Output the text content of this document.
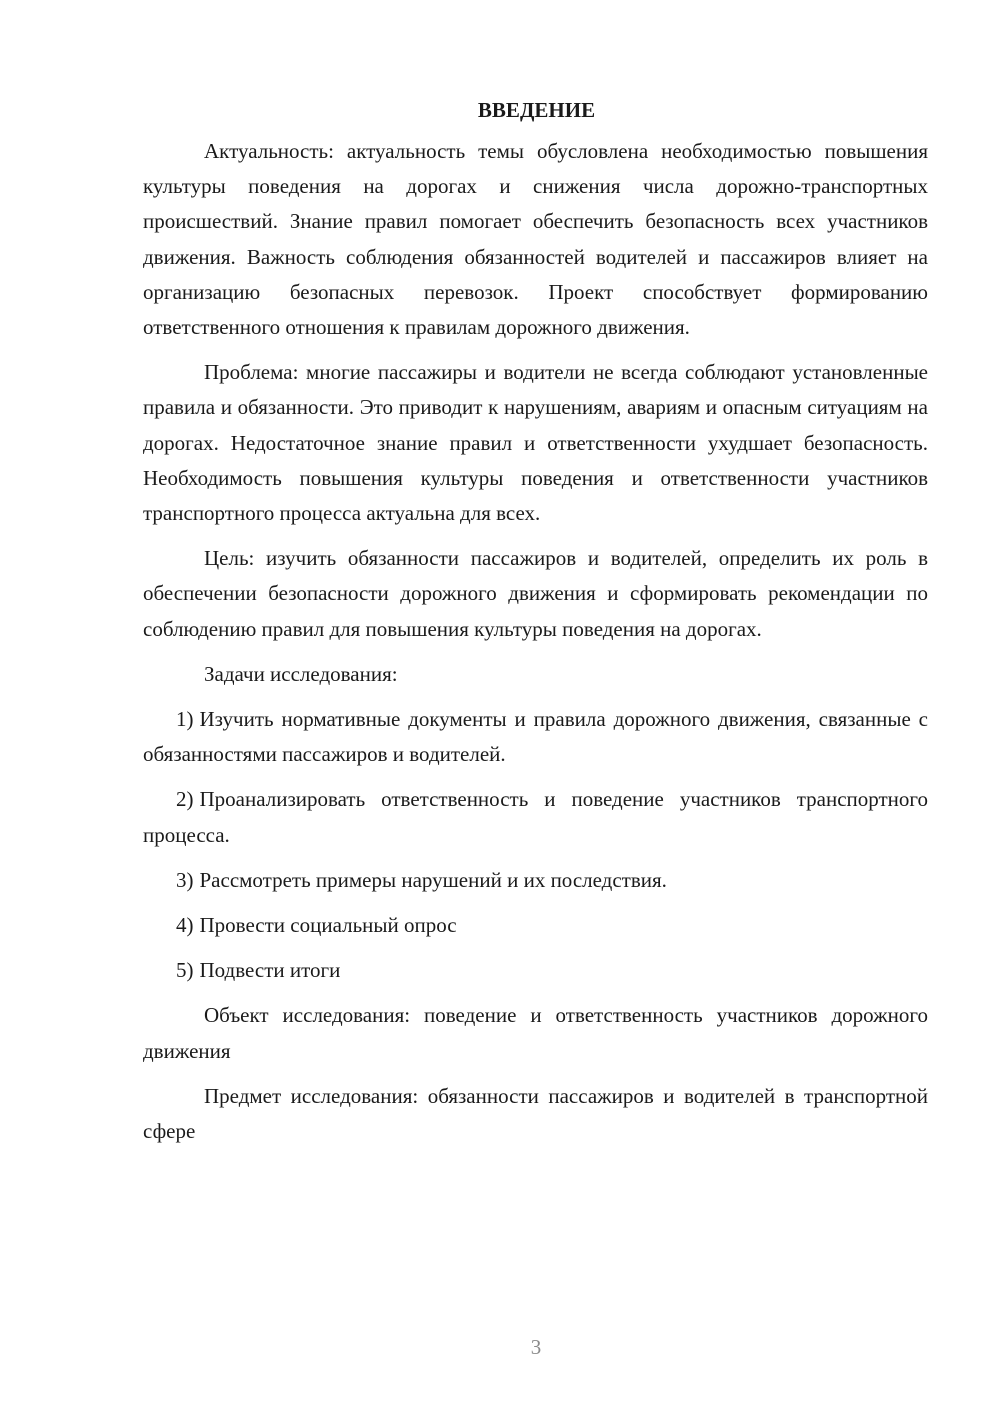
ВВЕДЕНИЕ

Актуальность: актуальность темы обусловлена необходимостью повышения культуры поведения на дорогах и снижения числа дорожно-транспортных происшествий. Знание правил помогает обеспечить безопасность всех участников движения. Важность соблюдения обязанностей водителей и пассажиров влияет на организацию безопасных перевозок. Проект способствует формированию ответственного отношения к правилам дорожного движения.

Проблема: многие пассажиры и водители не всегда соблюдают установленные правила и обязанности. Это приводит к нарушениям, авариям и опасным ситуациям на дорогах. Недостаточное знание правил и ответственности ухудшает безопасность. Необходимость повышения культуры поведения и ответственности участников транспортного процесса актуальна для всех.

Цель: изучить обязанности пассажиров и водителей, определить их роль в обеспечении безопасности дорожного движения и сформировать рекомендации по соблюдению правил для повышения культуры поведения на дорогах.

Задачи исследования:

1) Изучить нормативные документы и правила дорожного движения, связанные с обязанностями пассажиров и водителей.
2) Проанализировать ответственность и поведение участников транспортного процесса.
3) Рассмотреть примеры нарушений и их последствия.
4) Провести социальный опрос
5) Подвести итоги

Объект исследования: поведение и ответственность участников дорожного движения

Предмет исследования: обязанности пассажиров и водителей в транспортной сфере

3
